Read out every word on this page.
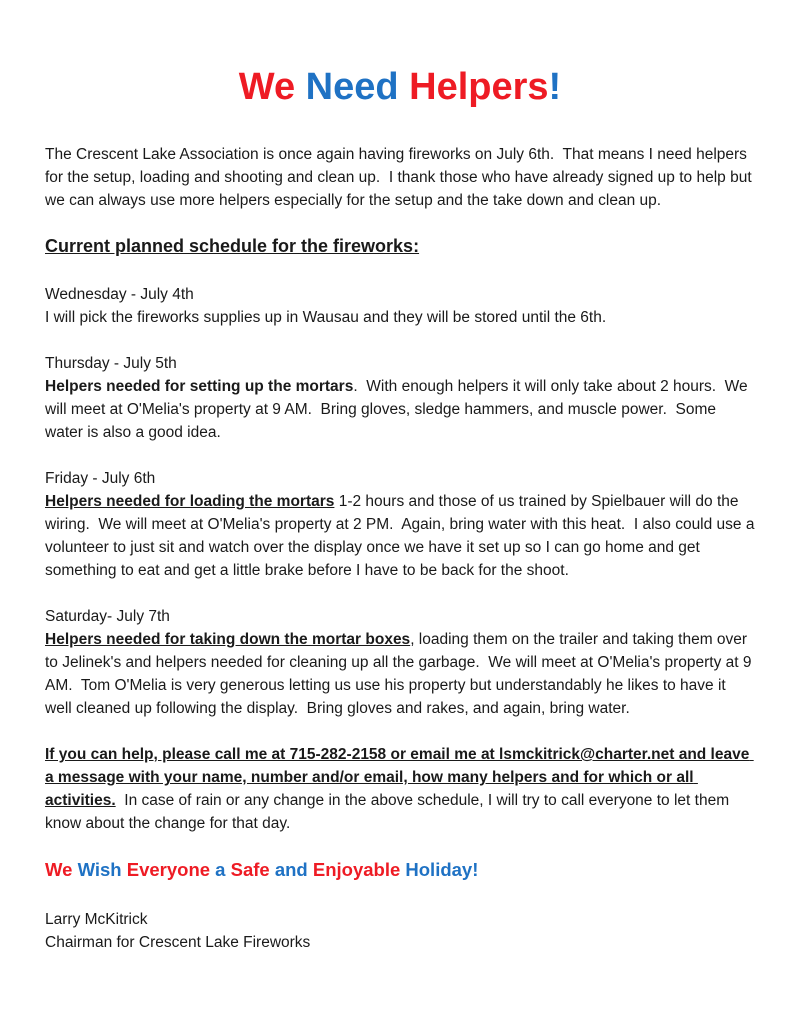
We Need Helpers!

The Crescent Lake Association is once again having fireworks on July 6th.  That means I need helpers for the setup, loading and shooting and clean up.  I thank those who have already signed up to help but we can always use more helpers especially for the setup and the take down and clean up.

Current planned schedule for the fireworks:

Wednesday - July 4th
I will pick the fireworks supplies up in Wausau and they will be stored until the 6th.

Thursday - July 5th
Helpers needed for setting up the mortars.  With enough helpers it will only take about 2 hours.  We will meet at O'Melia's property at 9 AM.  Bring gloves, sledge hammers, and muscle power.  Some water is also a good idea.

Friday - July 6th
Helpers needed for loading the mortars 1-2 hours and those of us trained by Spielbauer will do the wiring.  We will meet at O'Melia's property at 2 PM.  Again, bring water with this heat.  I also could use a volunteer to just sit and watch over the display once we have it set up so I can go home and get something to eat and get a little brake before I have to be back for the shoot.

Saturday- July 7th
Helpers needed for taking down the mortar boxes, loading them on the trailer and taking them over to Jelinek's and helpers needed for cleaning up all the garbage.  We will meet at O'Melia's property at 9 AM.  Tom O'Melia is very generous letting us use his property but understandably he likes to have it well cleaned up following the display.  Bring gloves and rakes, and again, bring water.

If you can help, please call me at 715-282-2158 or email me at lsmckitrick@charter.net and leave a message with your name, number and/or email, how many helpers and for which or all activities.  In case of rain or any change in the above schedule, I will try to call everyone to let them know about the change for that day.

We Wish Everyone a Safe and Enjoyable Holiday!

Larry McKitrick
Chairman for Crescent Lake Fireworks
